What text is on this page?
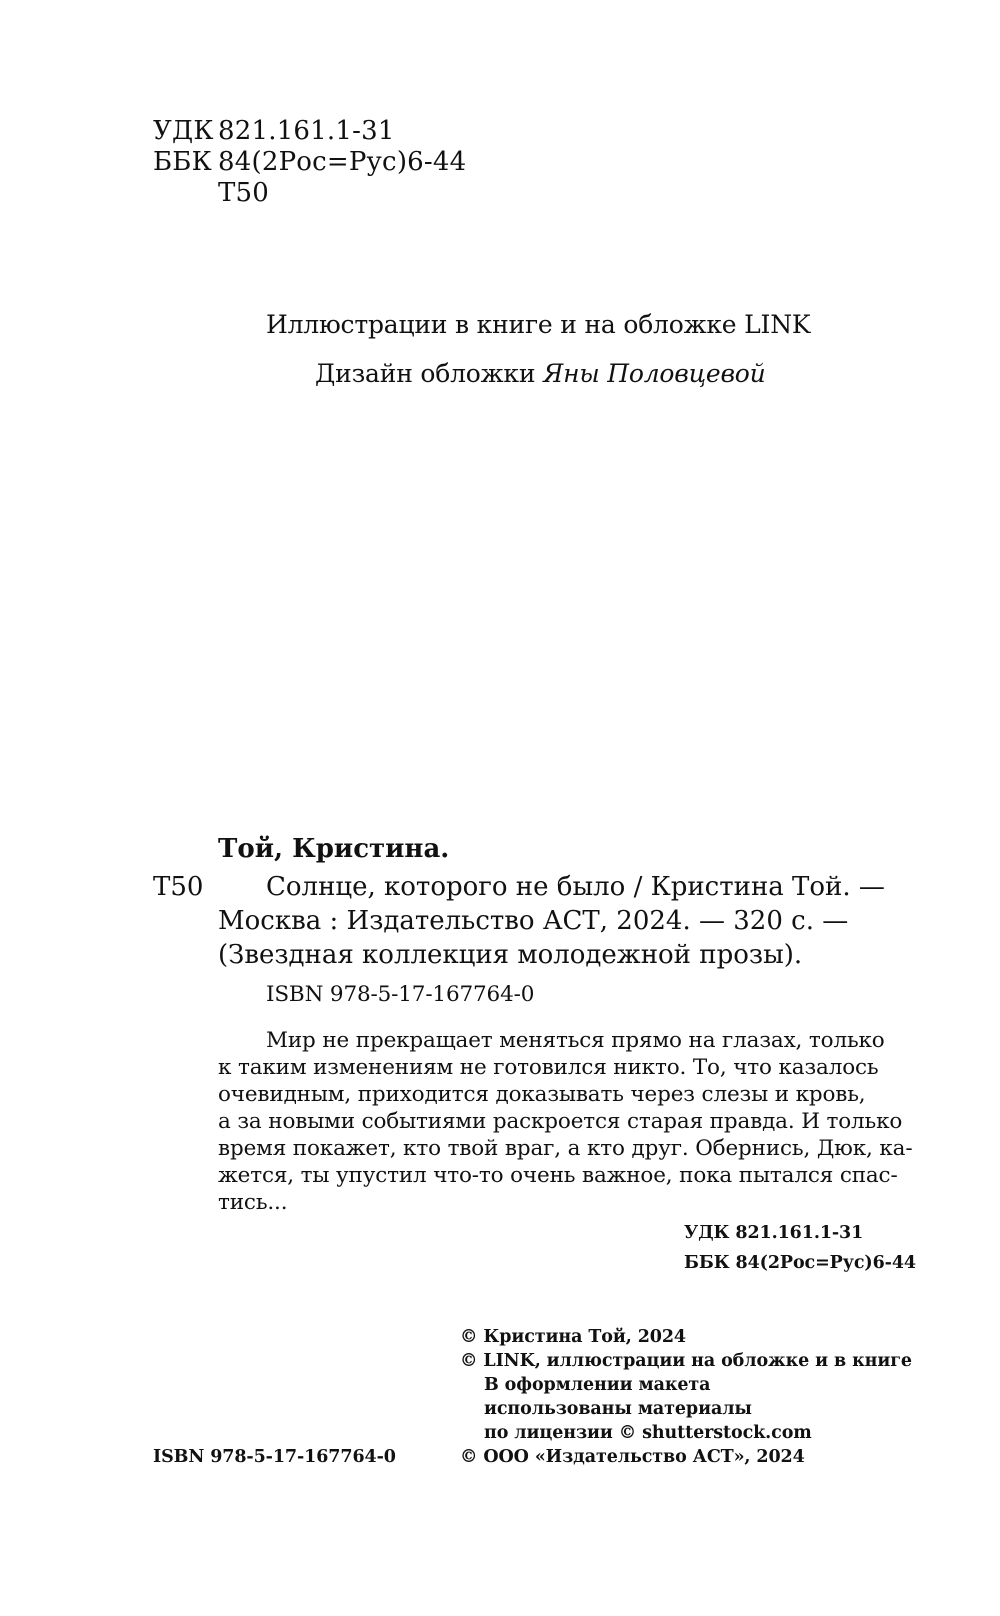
УДК 821.161.1-31
ББК 84(2Рос=Рус)6-44
Т50
Иллюстрации в книге и на обложке LINK
Дизайн обложки Яны Половцевой
Той, Кристина.
Т50 Солнце, которого не было / Кристина Той. —
Москва : Издательство АСТ, 2024. — 320 с. —
(Звездная коллекция молодежной прозы).
ISBN 978-5-17-167764-0
Мир не прекращает меняться прямо на глазах, только
к таким изменениям не готовился никто. То, что казалось
очевидным, приходится доказывать через слезы и кровь,
а за новыми событиями раскроется старая правда. И только
время покажет, кто твой враг, а кто друг. Обернись, Дюк, ка-
жется, ты упустил что-то очень важное, пока пытался спас-
тись...
УДК 821.161.1-31
ББК 84(2Рос=Рус)6-44
© Кристина Той, 2024
© LINK, иллюстрации на обложке и в книге
В оформлении макета
использованы материалы
по лицензии © shutterstock.com
© ООО «Издательство АСТ», 2024
ISBN 978-5-17-167764-0
